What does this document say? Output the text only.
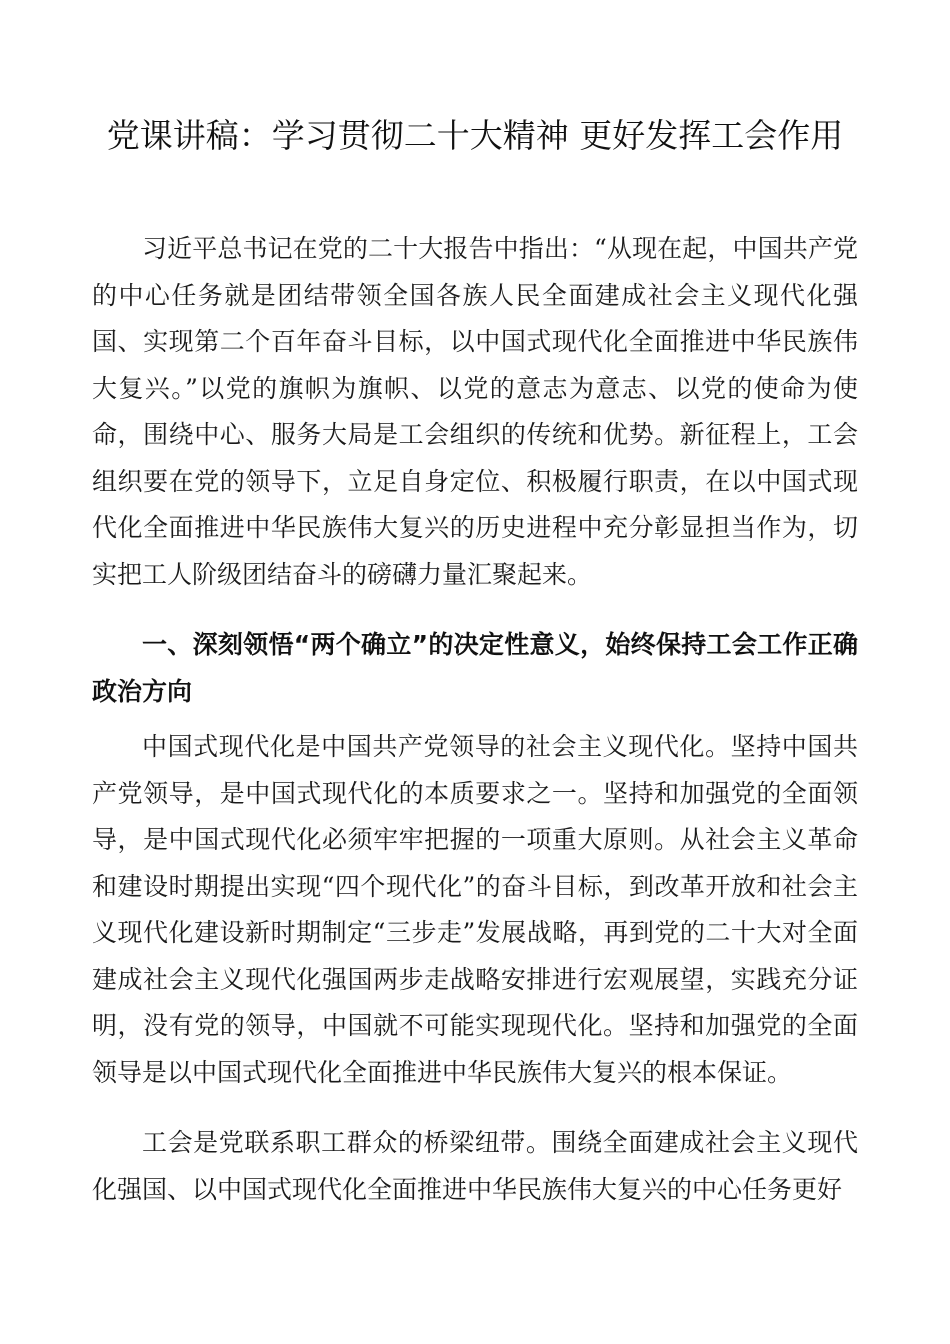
党课讲稿：学习贯彻二十大精神 更好发挥工会作用

习近平总书记在党的二十大报告中指出：“从现在起，中国共产党的中心任务就是团结带领全国各族人民全面建成社会主义现代化强国、实现第二个百年奋斗目标，以中国式现代化全面推进中华民族伟大复兴。”以党的旗帜为旗帜、以党的意志为意志、以党的使命为使命，围绕中心、服务大局是工会组织的传统和优势。新征程上，工会组织要在党的领导下，立足自身定位、积极履行职责，在以中国式现代化全面推进中华民族伟大复兴的历史进程中充分彰显担当作为，切实把工人阶级团结奋斗的磅礴力量汇聚起来。

一、深刻领悟“两个确立”的决定性意义，始终保持工会工作正确政治方向

中国式现代化是中国共产党领导的社会主义现代化。坚持中国共产党领导，是中国式现代化的本质要求之一。坚持和加强党的全面领导，是中国式现代化必须牢牢把握的一项重大原则。从社会主义革命和建设时期提出实现“四个现代化”的奋斗目标，到改革开放和社会主义现代化建设新时期制定“三步走”发展战略，再到党的二十大对全面建成社会主义现代化强国两步走战略安排进行宏观展望，实践充分证明，没有党的领导，中国就不可能实现现代化。坚持和加强党的全面领导是以中国式现代化全面推进中华民族伟大复兴的根本保证。

工会是党联系职工群众的桥梁纽带。围绕全面建成社会主义现代化强国、以中国式现代化全面推进中华民族伟大复兴的中心任务更好
